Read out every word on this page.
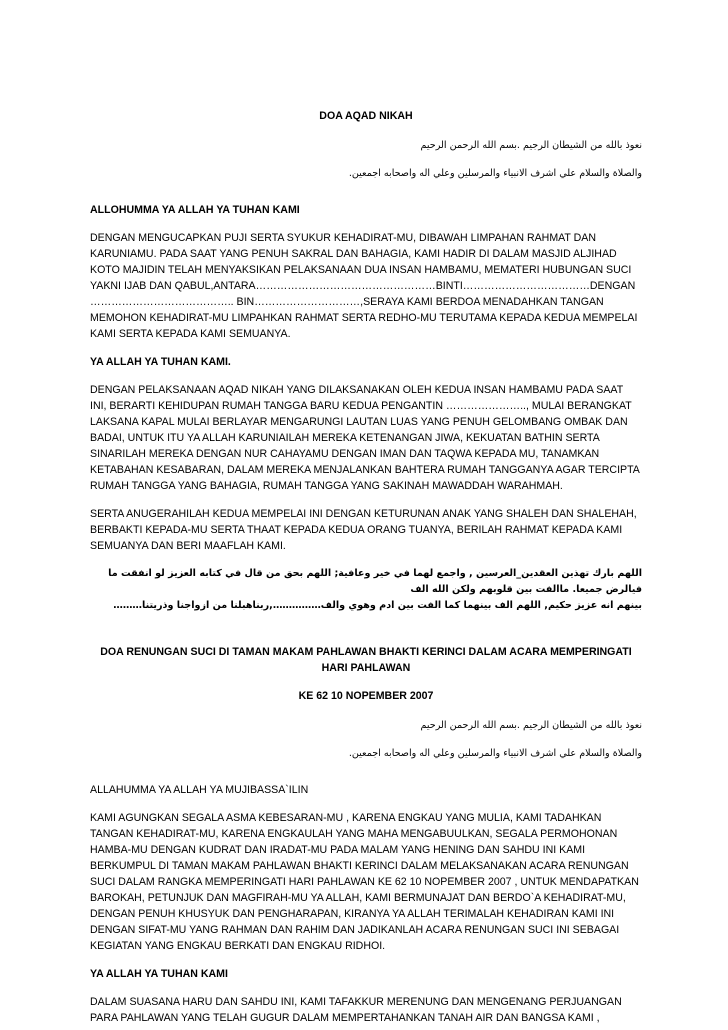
DOA AQAD NIKAH
نعوذ بالله من الشيطان الرجيم .بسم الله الرحمن الرحيم
والصلاة والسلام علي اشرف الانبياء والمرسلين وعلي اله واصحابه اجمعين.
ALLOHUMMA YA ALLAH YA TUHAN KAMI
DENGAN MENGUCAPKAN PUJI SERTA SYUKUR KEHADIRAT-MU, DIBAWAH LIMPAHAN RAHMAT DAN KARUNIAMU. PADA SAAT YANG PENUH SAKRAL DAN BAHAGIA, KAMI HADIR DI DALAM MASJID ALJIHAD KOTO MAJIDIN TELAH MENYAKSIKAN PELAKSANAAN DUA INSAN HAMBAMU, MEMATERI HUBUNGAN SUCI YAKNI IJAB DAN QABUL,ANTARA……………………………………………BINTI………………………………DENGAN ………………………………….. BIN…………………………,SERAYA KAMI BERDOA MENADAHKAN TANGAN MEMOHON KEHADIRAT-MU LIMPAHKAN RAHMAT SERTA REDHO-MU TERUTAMA KEPADA KEDUA MEMPELAI KAMI SERTA KEPADA KAMI SEMUANYA.
YA ALLAH YA TUHAN KAMI.
DENGAN PELAKSANAAN AQAD NIKAH YANG DILAKSANAKAN OLEH KEDUA INSAN HAMBAMU PADA SAAT INI, BERARTI KEHIDUPAN RUMAH TANGGA BARU KEDUA PENGANTIN ………………….., MULAI BERANGKAT LAKSANA KAPAL MULAI BERLAYAR MENGARUNGI LAUTAN LUAS YANG PENUH GELOMBANG OMBAK DAN BADAI, UNTUK ITU YA ALLAH KARUNIAILAH MEREKA KETENANGAN JIWA, KEKUATAN BATHIN SERTA SINARILAH MEREKA DENGAN NUR CAHAYAMU DENGAN IMAN DAN TAQWA KEPADA MU, TANAMKAN KETABAHAN KESABARAN, DALAM MEREKA MENJALANKAN BAHTERA RUMAH TANGGANYA AGAR TERCIPTA RUMAH TANGGA YANG BAHAGIA, RUMAH TANGGA YANG SAKINAH MAWADDAH WARAHMAH.
SERTA ANUGERAHILAH KEDUA MEMPELAI INI DENGAN KETURUNAN ANAK YANG SHALEH DAN SHALEHAH, BERBAKTI KEPADA-MU SERTA THAAT KEPADA KEDUA ORANG TUANYA, BERILAH RAHMAT KEPADA KAMI SEMUANYA DAN BERI MAAFLAH KAMI.
اللهم بارك تهذين العقدين_العرسين , واجمع لهما في خير وعافية; اللهم بحق من قال في كتابه العزيز لو انفقت ما فيالرض جميعا. ماالفت بين قلوبهم ولكن الله الف
بينهم انه عزيز حكيم, اللهم الف بينهما كما الفت بين ادم وهوي والف……………,ربناهبلنا من ازواجنا وذريتنا………
DOA RENUNGAN SUCI DI TAMAN MAKAM PAHLAWAN BHAKTI KERINCI DALAM ACARA MEMPERINGATI
HARI PAHLAWAN
KE 62 10 NOPEMBER 2007
نعوذ بالله من الشيطان الرجيم .بسم الله الرحمن الرحيم
والصلاة والسلام علي اشرف الانبياء والمرسلين وعلي اله واصحابه اجمعين.
ALLAHUMMA YA ALLAH YA MUJIBASSA`ILIN
KAMI AGUNGKAN SEGALA ASMA KEBESARAN-MU , KARENA ENGKAU YANG MULIA, KAMI TADAHKAN TANGAN KEHADIRAT-MU, KARENA ENGKAULAH YANG MAHA MENGABUULKAN, SEGALA PERMOHONAN HAMBA-MU DENGAN KUDRAT DAN IRADAT-MU PADA MALAM YANG HENING DAN SAHDU INI KAMI BERKUMPUL DI TAMAN MAKAM PAHLAWAN BHAKTI KERINCI DALAM MELAKSANAKAN ACARA RENUNGAN SUCI DALAM RANGKA MEMPERINGATI HARI PAHLAWAN KE 62 10 NOPEMBER 2007 , UNTUK MENDAPATKAN BAROKAH, PETUNJUK DAN MAGFIRAH-MU YA ALLAH, KAMI BERMUNAJAT DAN BERDO`A KEHADIRAT-MU, DENGAN PENUH KHUSYUK DAN PENGHARAPAN, KIRANYA YA ALLAH TERIMALAH KEHADIRAN KAMI INI DENGAN SIFAT-MU YANG RAHMAN DAN RAHIM DAN JADIKANLAH ACARA RENUNGAN SUCI INI SEBAGAI KEGIATAN YANG ENGKAU BERKATI DAN ENGKAU RIDHOI.
YA ALLAH YA TUHAN KAMI
DALAM SUASANA HARU DAN SAHDU INI, KAMI TAFAKKUR MERENUNG DAN MENGENANG PERJUANGAN PARA PAHLAWAN YANG TELAH GUGUR DALAM MEMPERTAHANKAN TANAH AIR DAN BANGSA KAMI ,
